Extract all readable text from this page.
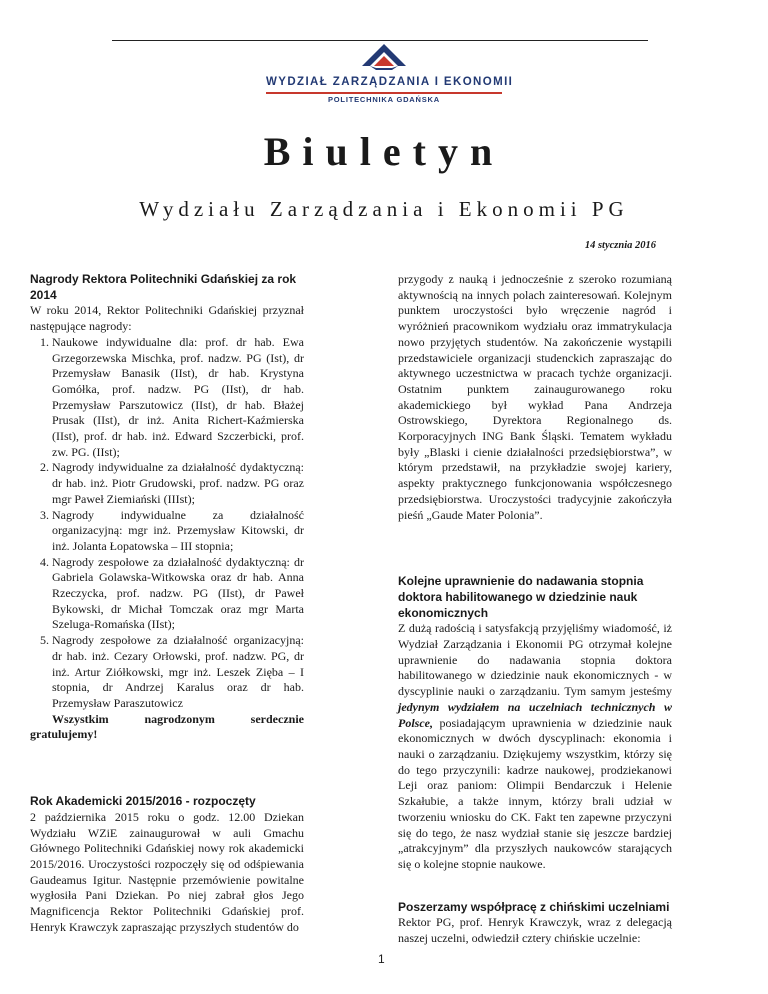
WYDZIAŁ ZARZĄDZANIA I EKONOMII
POLITECHNIKA GDAŃSKA
Biuletyn
Wydziału Zarządzania i Ekonomii PG
14 stycznia 2016

Nagrody Rektora Politechniki Gdańskiej za rok 2014

W roku 2014, Rektor Politechniki Gdańskiej przyznał następujące nagrody:

1. Naukowe indywidualne dla: prof. dr hab. Ewa Grzegorzewska Mischka, prof. nadzw. PG (Ist), dr Przemysław Banasik (IIst), dr hab. Krystyna Gomółka, prof. nadzw. PG (IIst), dr hab. Przemysław Parszutowicz (IIst), dr hab. Błażej Prusak (IIst), dr inż. Anita Richert-Kaźmierska (IIst), prof. dr hab. inż. Edward Szczerbicki, prof. zw. PG. (IIst);
2. Nagrody indywidualne za działalność dydaktyczną: dr hab. inż. Piotr Grudowski, prof. nadzw. PG oraz mgr Paweł Ziemiański (IIIst);
3. Nagrody indywidualne za działalność organizacyjną: mgr inż. Przemysław Kitowski, dr inż. Jolanta Łopatowska – III stopnia;
4. Nagrody zespołowe za działalność dydaktyczną: dr Gabriela Golawska-Witkowska oraz dr hab. Anna Rzeczycka, prof. nadzw. PG (IIst), dr Paweł Bykowski, dr Michał Tomczak oraz mgr Marta Szeluga-Romańska (IIst);
5. Nagrody zespołowe za działalność organizacyjną: dr hab. inż. Cezary Orłowski, prof. nadzw. PG, dr inż. Artur Ziółkowski, mgr inż. Leszek Zięba – I stopnia, dr Andrzej Karalus oraz dr hab. Przemysław Paraszutowicz

Wszystkim nagrodzonym serdecznie

gratulujemy!

Rok Akademicki 2015/2016 - rozpoczęty

2 października 2015 roku o godz. 12.00 Dziekan Wydziału WZiE zainaugurował w auli Gmachu Głównego Politechniki Gdańskiej nowy rok akademicki 2015/2016. Uroczystości rozpoczęły się od odśpiewania Gaudeamus Igitur. Następnie przemówienie powitalne wygłosiła Pani Dziekan. Po niej zabrał głos Jego Magnificencja Rektor Politechniki Gdańskiej prof. Henryk Krawczyk zapraszając przyszłych studentów do

przygody z nauką i jednocześnie z szeroko rozumianą aktywnością na innych polach zainteresowań. Kolejnym punktem uroczystości było wręczenie nagród i wyróżnień pracownikom wydziału oraz immatrykulacja nowo przyjętych studentów. Na zakończenie wystąpili przedstawiciele organizacji studenckich zapraszając do aktywnego uczestnictwa w pracach tychże organizacji. Ostatnim punktem zainaugurowanego roku akademickiego był wykład Pana Andrzeja Ostrowskiego, Dyrektora Regionalnego ds. Korporacyjnych ING Bank Śląski. Tematem wykładu były „Blaski i cienie działalności przedsiębiorstwa”, w którym przedstawił, na przykładzie swojej kariery, aspekty praktycznego funkcjonowania współczesnego przedsiębiorstwa. Uroczystości tradycyjnie zakończyła pieśń „Gaude Mater Polonia”.

Kolejne uprawnienie do nadawania stopnia doktora habilitowanego w dziedzinie nauk ekonomicznych

Z dużą radością i satysfakcją przyjęliśmy wiadomość, iż Wydział Zarządzania i Ekonomii PG otrzymał kolejne uprawnienie do nadawania stopnia doktora habilitowanego w dziedzinie nauk ekonomicznych - w dyscyplinie nauki o zarządzaniu. Tym samym jesteśmy jedynym wydziałem na uczelniach technicznych w Polsce, posiadającym uprawnienia w dziedzinie nauk ekonomicznych w dwóch dyscyplinach: ekonomia i nauki o zarządzaniu. Dziękujemy wszystkim, którzy się do tego przyczynili: kadrze naukowej, prodziekanowi Leji oraz paniom: Olimpii Bendarczuk i Helenie Szkałubie, a także innym, którzy brali udział w tworzeniu wniosku do CK. Fakt ten zapewne przyczyni się do tego, że nasz wydział stanie się jeszcze bardziej „atrakcyjnym” dla przyszłych naukowców starających się o kolejne stopnie naukowe.

Poszerzamy współpracę z chińskimi uczelniami

Rektor PG, prof. Henryk Krawczyk, wraz z delegacją naszej uczelni, odwiedził cztery chińskie uczelnie:

1
